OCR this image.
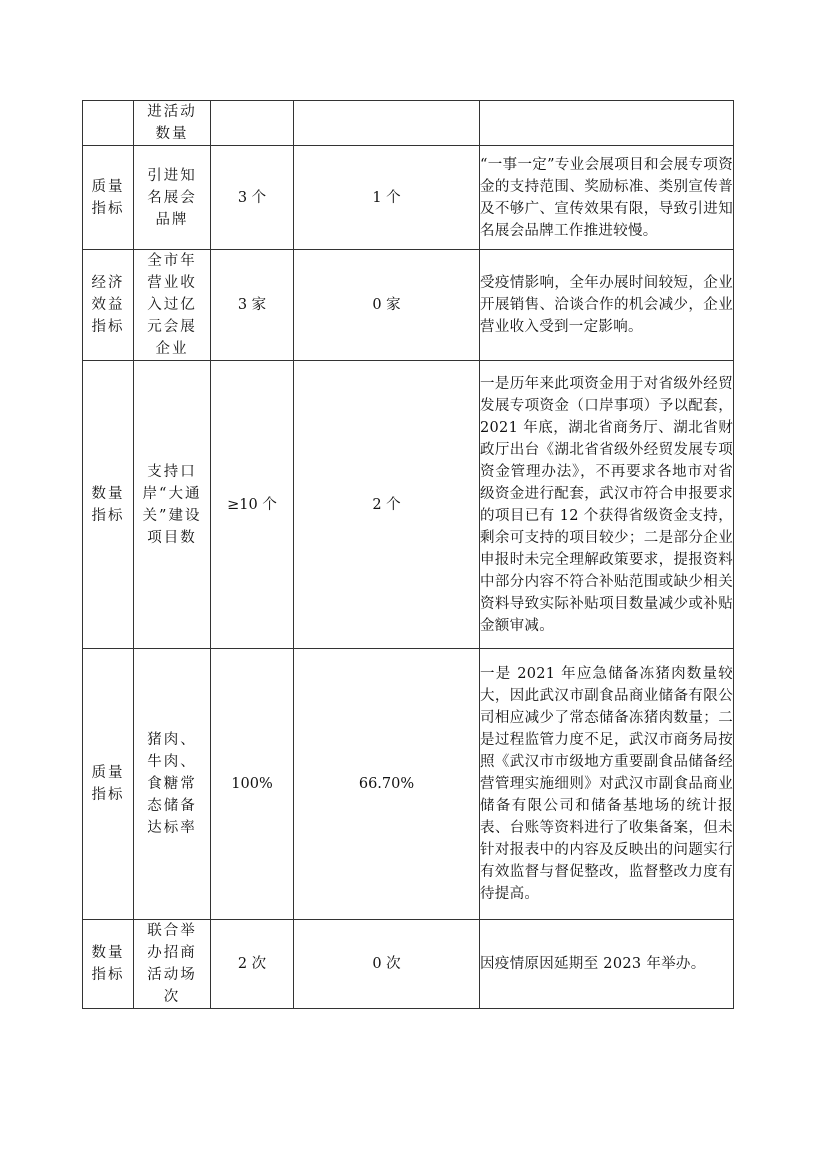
	进活动
数量			

质量
指标	引进知
名展会
品牌	3 个	1 个	“一事一定”专业会展项目和会展专项资金的支持范围、奖励标准、类别宣传普及不够广、宣传效果有限，导致引进知名展会品牌工作推进较慢。

经济
效益
指标	全市年
营业收
入过亿
元会展
企业	3 家	0 家	受疫情影响，全年办展时间较短，企业开展销售、洽谈合作的机会减少，企业营业收入受到一定影响。

数量
指标	支持口
岸“大通
关”建设
项目数	≥10 个	2 个	一是历年来此项资金用于对省级外经贸发展专项资金（口岸事项）予以配套，2021 年底，湖北省商务厅、湖北省财政厅出台《湖北省省级外经贸发展专项资金管理办法》，不再要求各地市对省级资金进行配套，武汉市符合申报要求的项目已有 12 个获得省级资金支持，剩余可支持的项目较少；二是部分企业申报时未完全理解政策要求，提报资料中部分内容不符合补贴范围或缺少相关资料导致实际补贴项目数量减少或补贴金额审减。

质量
指标	猪肉、
牛肉、
食糖常
态储备
达标率	100%	66.70%	一是 2021 年应急储备冻猪肉数量较大，因此武汉市副食品商业储备有限公司相应减少了常态储备冻猪肉数量；二是过程监管力度不足，武汉市商务局按照《武汉市市级地方重要副食品储备经营管理实施细则》对武汉市副食品商业储备有限公司和储备基地场的统计报表、台账等资料进行了收集备案，但未针对报表中的内容及反映出的问题实行有效监督与督促整改，监督整改力度有待提高。

数量
指标	联合举
办招商
活动场
次	2 次	0 次	因疫情原因延期至 2023 年举办。
